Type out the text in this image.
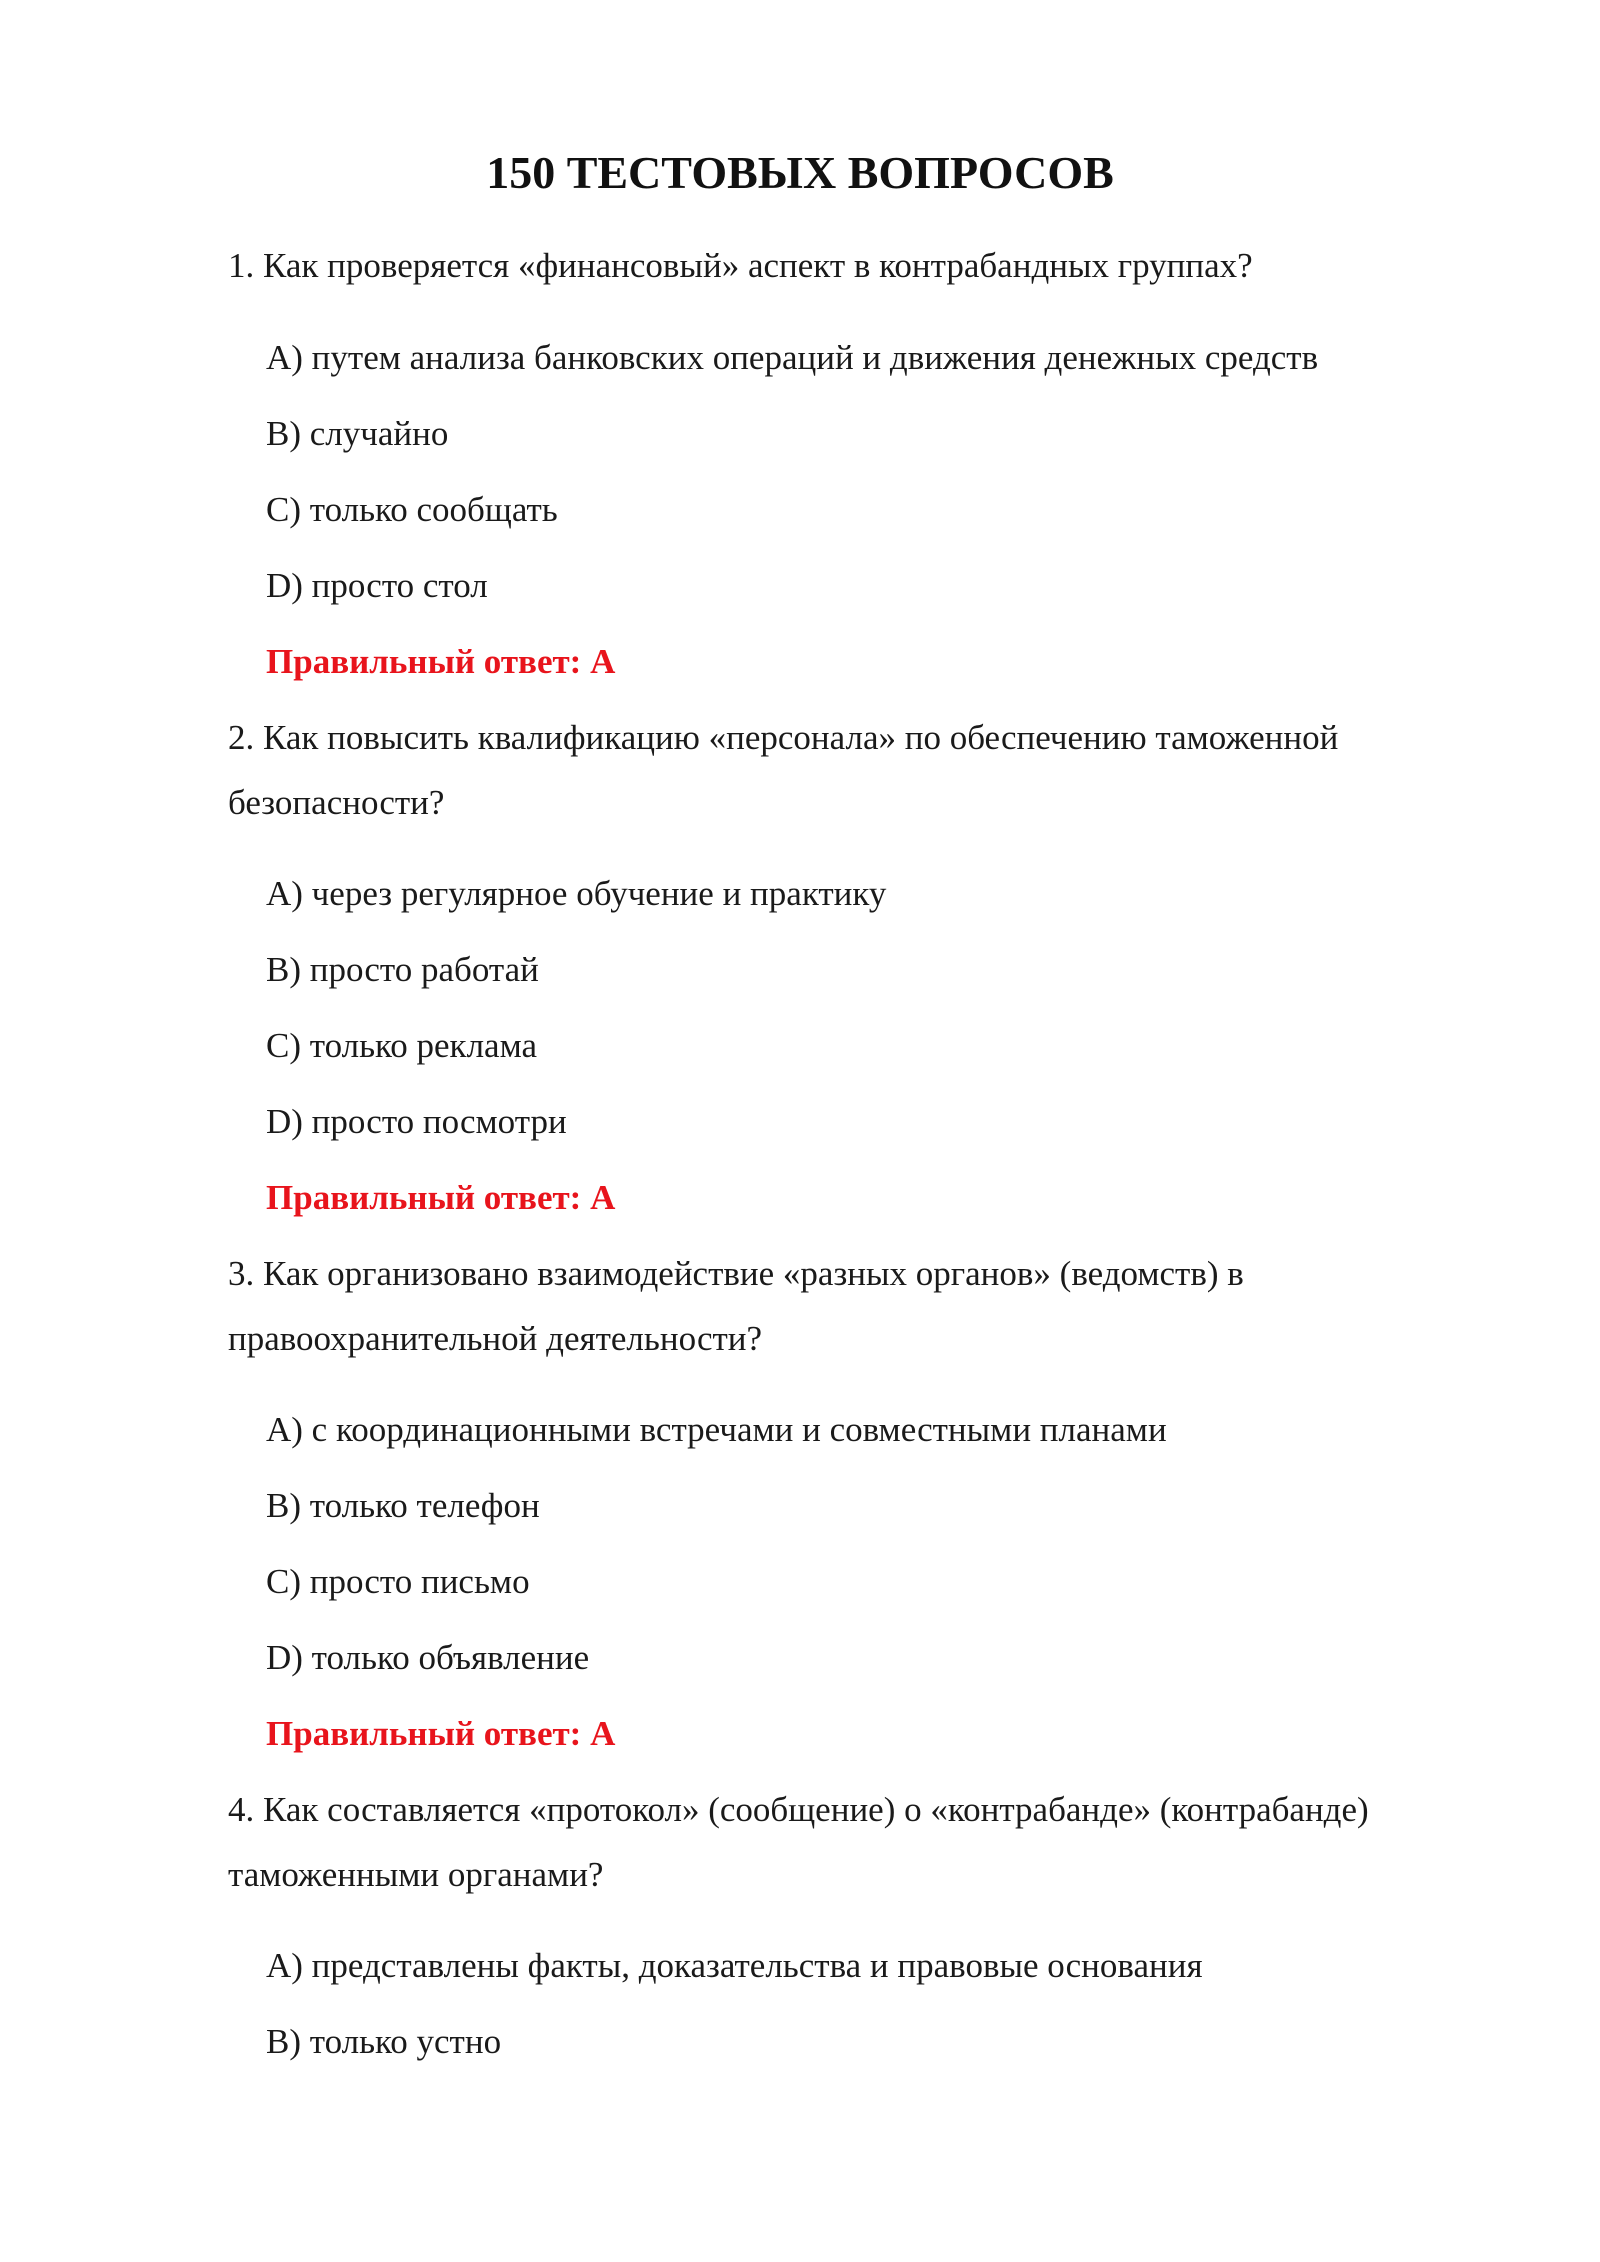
150 ТЕСТОВЫХ ВОПРОСОВ
1. Как проверяется «финансовый» аспект в контрабандных группах?
A) путем анализа банковских операций и движения денежных средств
B) случайно
C) только сообщать
D) просто стол
Правильный ответ: A
2. Как повысить квалификацию «персонала» по обеспечению таможенной
безопасности?
A) через регулярное обучение и практику
B) просто работай
C) только реклама
D) просто посмотри
Правильный ответ: A
3. Как организовано взаимодействие «разных органов» (ведомств) в
правоохранительной деятельности?
A) с координационными встречами и совместными планами
B) только телефон
C) просто письмо
D) только объявление
Правильный ответ: A
4. Как составляется «протокол» (сообщение) о «контрабанде» (контрабанде)
таможенными органами?
A) представлены факты, доказательства и правовые основания
B) только устно
